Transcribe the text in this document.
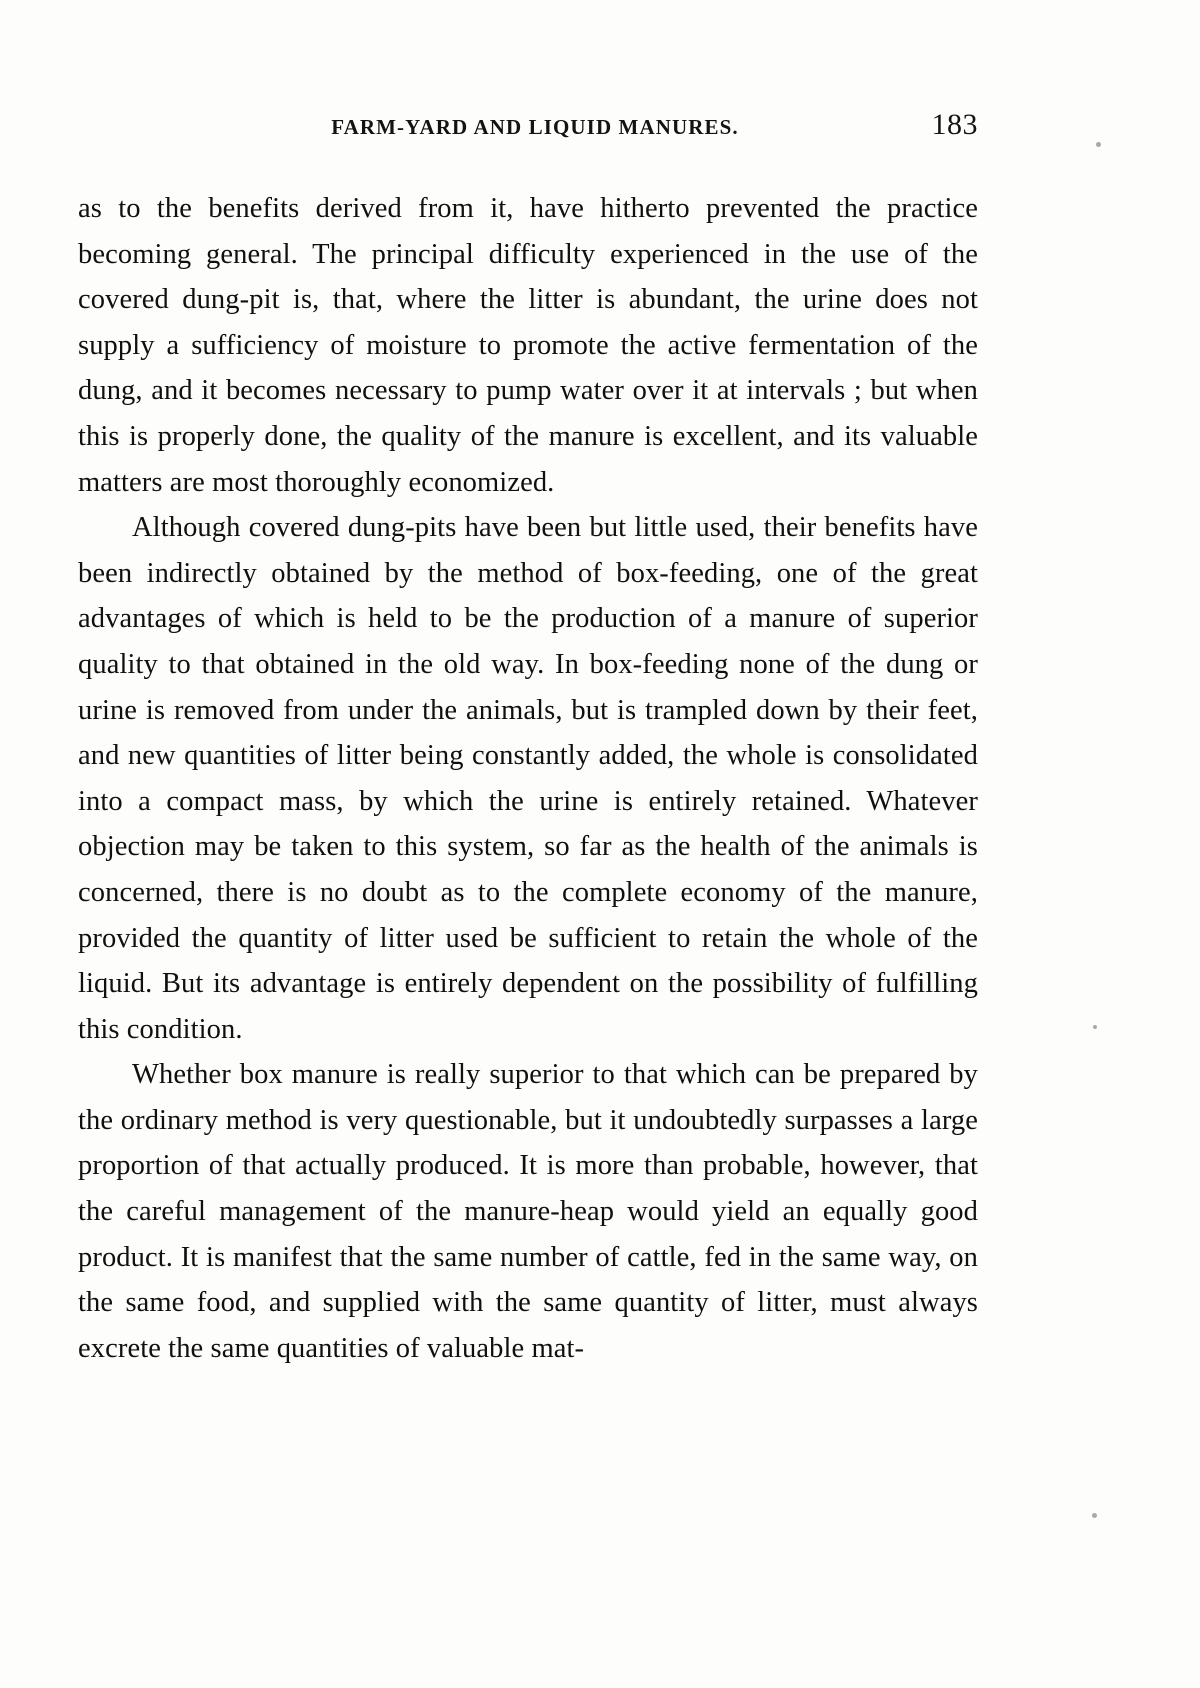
FARM-YARD AND LIQUID MANURES.	183

as to the benefits derived from it, have hitherto prevented the practice becoming general. The principal difficulty experienced in the use of the covered dung-pit is, that, where the litter is abundant, the urine does not supply a sufficiency of moisture to promote the active fermentation of the dung, and it becomes necessary to pump water over it at intervals ; but when this is properly done, the quality of the manure is excellent, and its valuable matters are most thoroughly economized.

Although covered dung-pits have been but little used, their benefits have been indirectly obtained by the method of box-feeding, one of the great advantages of which is held to be the production of a manure of superior quality to that obtained in the old way. In box-feeding none of the dung or urine is removed from under the animals, but is trampled down by their feet, and new quantities of litter being constantly added, the whole is consolidated into a compact mass, by which the urine is entirely retained. Whatever objection may be taken to this system, so far as the health of the animals is concerned, there is no doubt as to the complete economy of the manure, provided the quantity of litter used be sufficient to retain the whole of the liquid. But its advantage is entirely dependent on the possibility of fulfilling this condition.

Whether box manure is really superior to that which can be prepared by the ordinary method is very questionable, but it undoubtedly surpasses a large proportion of that actually produced. It is more than probable, however, that the careful management of the manure-heap would yield an equally good product. It is manifest that the same number of cattle, fed in the same way, on the same food, and supplied with the same quantity of litter, must always excrete the same quantities of valuable mat-
